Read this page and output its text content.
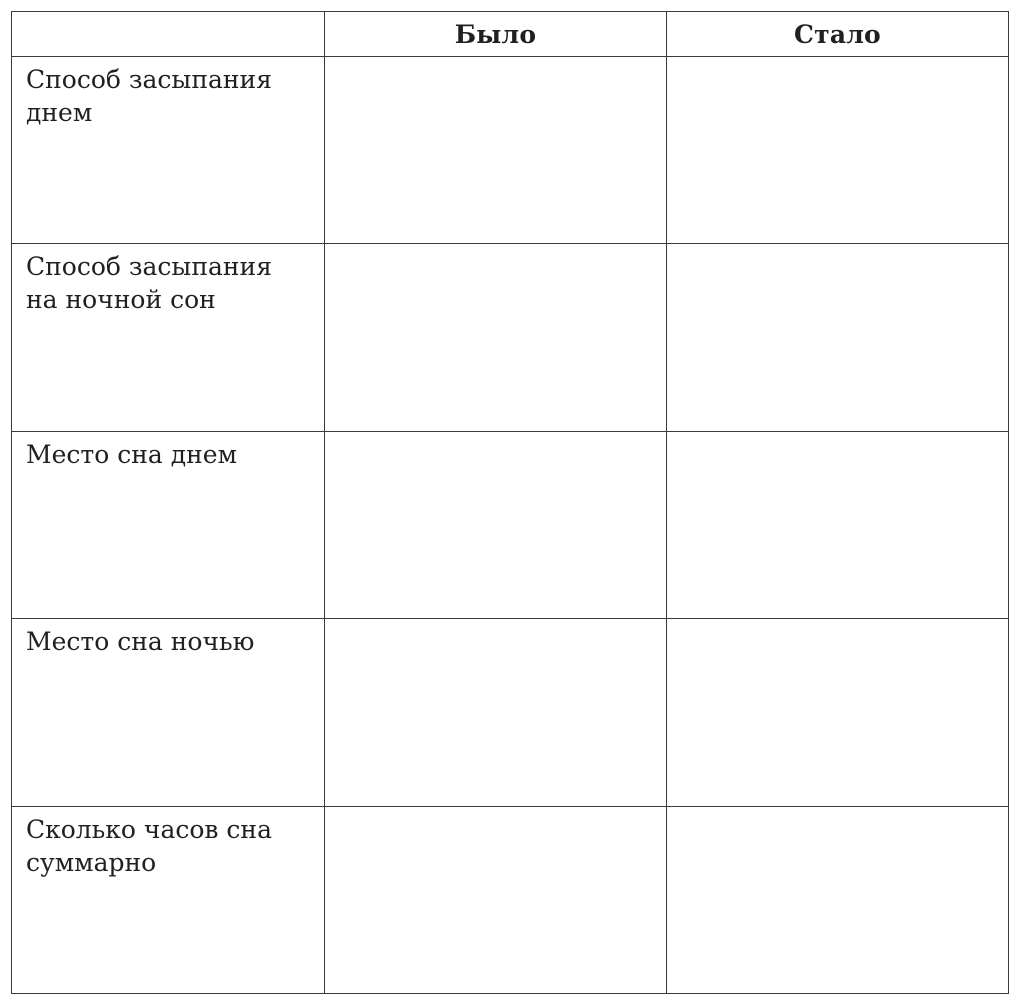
	Было	Стало

Способ засыпания
днем		

Способ засыпания
на ночной сон		

Место сна днем		

Место сна ночью		

Сколько часов сна
суммарно		
